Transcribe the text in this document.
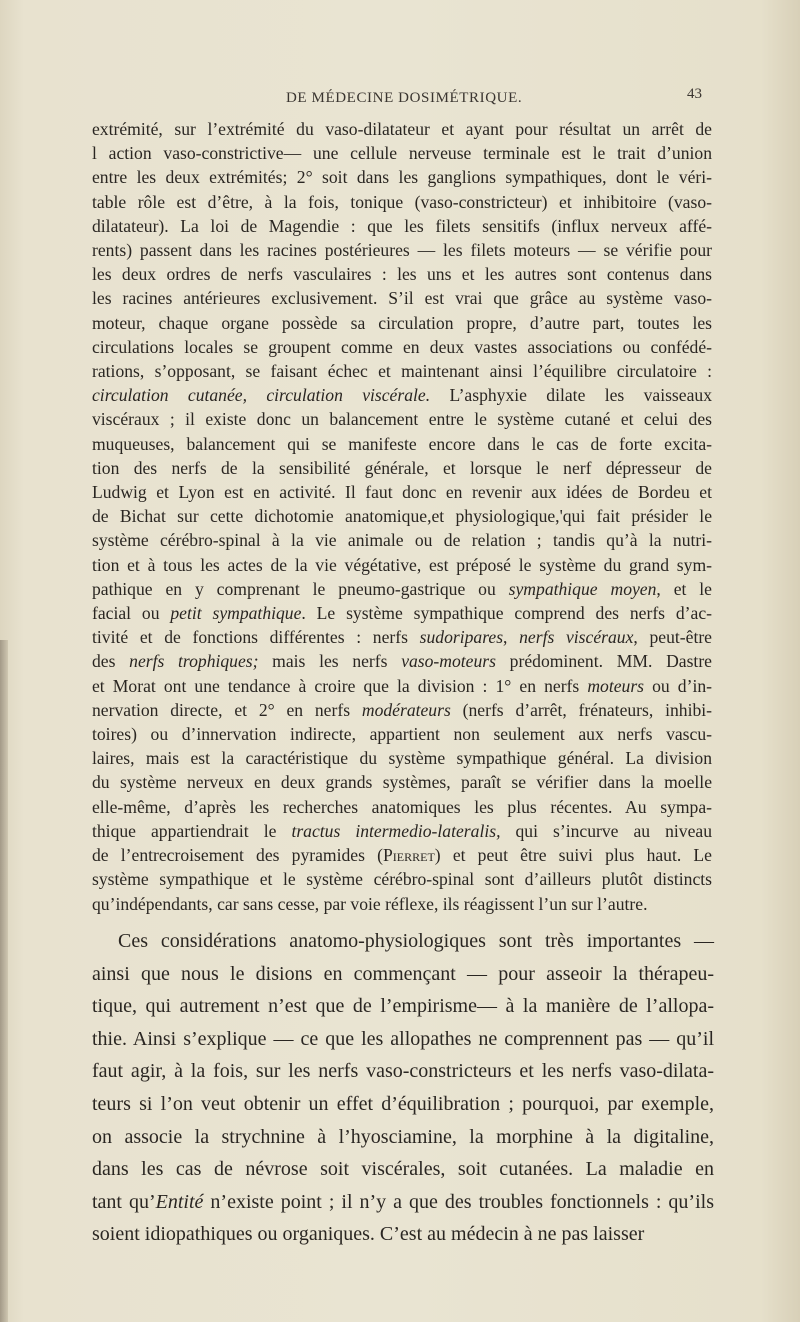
DE MÉDECINE DOSIMÉTRIQUE.	43
extrémité, sur l’extrémité du vaso-dilatateur et ayant pour résultat un arrêt de
l action vaso-constrictive— une cellule nerveuse terminale est le trait d’union
entre les deux extrémités; 2° soit dans les ganglions sympathiques, dont le véri-
table rôle est d’être, à la fois, tonique (vaso-constricteur) et inhibitoire (vaso-
dilatateur). La loi de Magendie : que les filets sensitifs (influx nerveux affé-
rents) passent dans les racines postérieures — les filets moteurs — se vérifie pour
les deux ordres de nerfs vasculaires : les uns et les autres sont contenus dans
les racines antérieures exclusivement. S’il est vrai que grâce au système vaso-
moteur, chaque organe possède sa circulation propre, d’autre part, toutes les
circulations locales se groupent comme en deux vastes associations ou confédé-
rations, s’opposant, se faisant échec et maintenant ainsi l’équilibre circulatoire :
circulation cutanée, circulation viscérale. L’asphyxie dilate les vaisseaux
viscéraux ; il existe donc un balancement entre le système cutané et celui des
muqueuses, balancement qui se manifeste encore dans le cas de forte excita-
tion des nerfs de la sensibilité générale, et lorsque le nerf dépresseur de
Ludwig et Lyon est en activité. Il faut donc en revenir aux idées de Bordeu et
de Bichat sur cette dichotomie anatomique,et physiologique,'qui fait présider le
système cérébro-spinal à la vie animale ou de relation ; tandis qu’à la nutri-
tion et à tous les actes de la vie végétative, est préposé le système du grand sym-
pathique en y comprenant le pneumo-gastrique ou sympathique moyen, et le
facial ou petit sympathique. Le système sympathique comprend des nerfs d’ac-
tivité et de fonctions différentes : nerfs sudoripares, nerfs viscéraux, peut-être
des nerfs trophiques; mais les nerfs vaso-moteurs prédominent. MM. Dastre
et Morat ont une tendance à croire que la division : 1° en nerfs moteurs ou d’in-
nervation directe, et 2° en nerfs modérateurs (nerfs d’arrêt, frénateurs, inhibi-
toires) ou d’innervation indirecte, appartient non seulement aux nerfs vascu-
laires, mais est la caractéristique du système sympathique général. La division
du système nerveux en deux grands systèmes, paraît se vérifier dans la moelle
elle-même, d’après les recherches anatomiques les plus récentes. Au sympa-
thique appartiendrait le tractus intermedio-lateralis, qui s’incurve au niveau
de l’entrecroisement des pyramides (Pierret) et peut être suivi plus haut. Le
système sympathique et le système cérébro-spinal sont d’ailleurs plutôt distincts
qu’indépendants, car sans cesse, par voie réflexe, ils réagissent l’un sur l’autre.
Ces considérations anatomo-physiologiques sont très importantes —
ainsi que nous le disions en commençant — pour asseoir la thérapeu-
tique, qui autrement n’est que de l’empirisme— à la manière de l’allopa-
thie. Ainsi s’explique — ce que les allopathes ne comprennent pas — qu’il
faut agir, à la fois, sur les nerfs vaso-constricteurs et les nerfs vaso-dilata-
teurs si l’on veut obtenir un effet d’équilibration ; pourquoi, par exemple,
on associe la strychnine à l’hyosciamine, la morphine à la digitaline,
dans les cas de névrose soit viscérales, soit cutanées. La maladie en
tant qu’Entité n’existe point ; il n’y a que des troubles fonctionnels : qu’ils
soient idiopathiques ou organiques. C’est au médecin à ne pas laisser
